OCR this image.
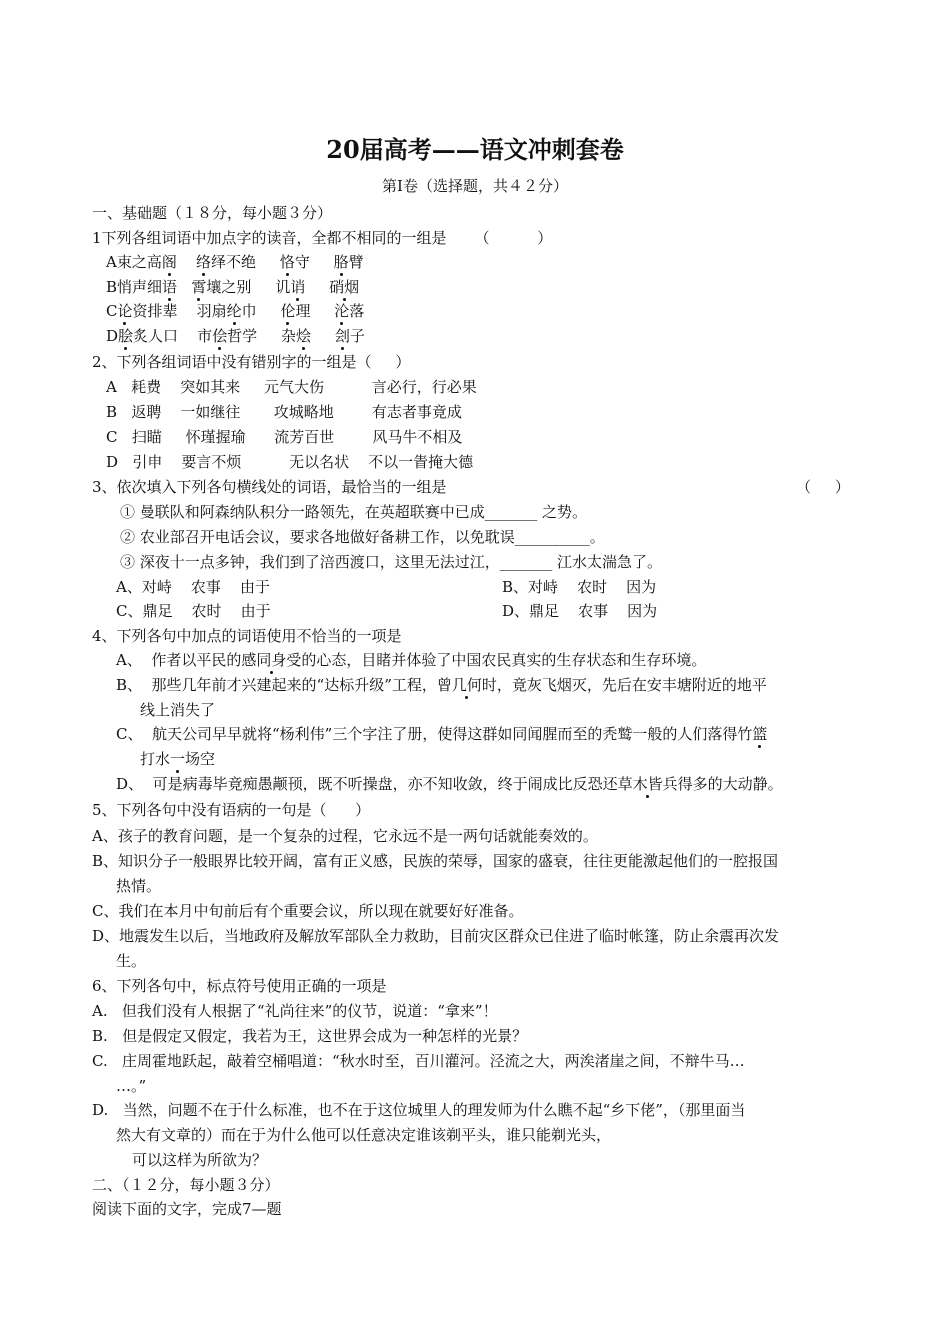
20届高考——语文冲刺套卷
第Ⅰ卷（选择题，共４２分）
一、基础题（１８分，每小题３分）
1下列各组词语中加点字的读音，全都不相同的一组是 （          ）
A束之高阁 络绎不绝     恪守     胳臂
B悄声细语 霄壤之别     讥诮 硝烟
C论资排辈    羽扇纶巾     伦理     沦落
D脍炙人口    市侩哲学     杂烩 刽子
2、下列各组词语中没有错别字的一组是（     ）
A   耗费    突如其来     元气大伤          言必行，行必果
B   返聘    一如继往       攻城略地        有志者事竟成
C   扫瞄     怀瑾握瑜      流芳百世        风马牛不相及
D   引申    要言不烦          无以名状    不以一眚掩大德
3、依次填入下列各句横线处的词语，最恰当的一组是	（     ）
① 曼联队和阿森纳队积分一路领先，在英超联赛中已成_______ 之势。
② 农业部召开电话会议，要求各地做好备耕工作，以免耽误__________。
③ 深夜十一点多钟，我们到了涪西渡口，这里无法过江，_______ 江水太湍急了。
A、对峙    农事    由于	B、对峙    农时    因为
C、鼎足    农时    由于	D、鼎足    农事    因为
4、下列各句中加点的词语使用不恰当的一项是
A、  作者以平民的感同身受的心态，目睹并体验了中国农民真实的生存状态和生存环境。
B、  那些几年前才兴建起来的“达标升级”工程，曾几何时，竟灰飞烟灭，先后在安丰塘附近的地平
线上消失了
C、  航天公司早早就将“杨利伟”三个字注了册，使得这群如同闻腥而至的秃鹫一般的人们落得竹篮
打水一场空
D、  可是病毒毕竟痴愚颟顸，既不听操盘，亦不知收敛，终于闹成比反恐还草木皆兵得多的大动静。
5、下列各句中没有语病的一句是（      ）
A、孩子的教育问题，是一个复杂的过程，它永远不是一两句话就能奏效的。
B、知识分子一般眼界比较开阔，富有正义感，民族的荣辱，国家的盛衰，往往更能激起他们的一腔报国
热情。
C、我们在本月中旬前后有个重要会议，所以现在就要好好准备。
D、地震发生以后，当地政府及解放军部队全力救助，目前灾区群众已住进了临时帐篷，防止余震再次发
生。
6、下列各句中，标点符号使用正确的一项是
A.   但我们没有人根据了“礼尚往来”的仪节，说道：“拿来”！
B.   但是假定又假定，我若为王，这世界会成为一种怎样的光景？
C.   庄周霍地跃起，敲着空桶唱道：“秋水时至，百川灌河。泾流之大，两涘渚崖之间，不辩牛马…
…。”
D.   当然，问题不在于什么标准，也不在于这位城里人的理发师为什么瞧不起“乡下佬”，（那里面当
然大有文章的）而在于为什么他可以任意决定谁该剃平头，谁只能剃光头，
可以这样为所欲为？
二、（１２分，每小题３分）
阅读下面的文字，完成7—题
